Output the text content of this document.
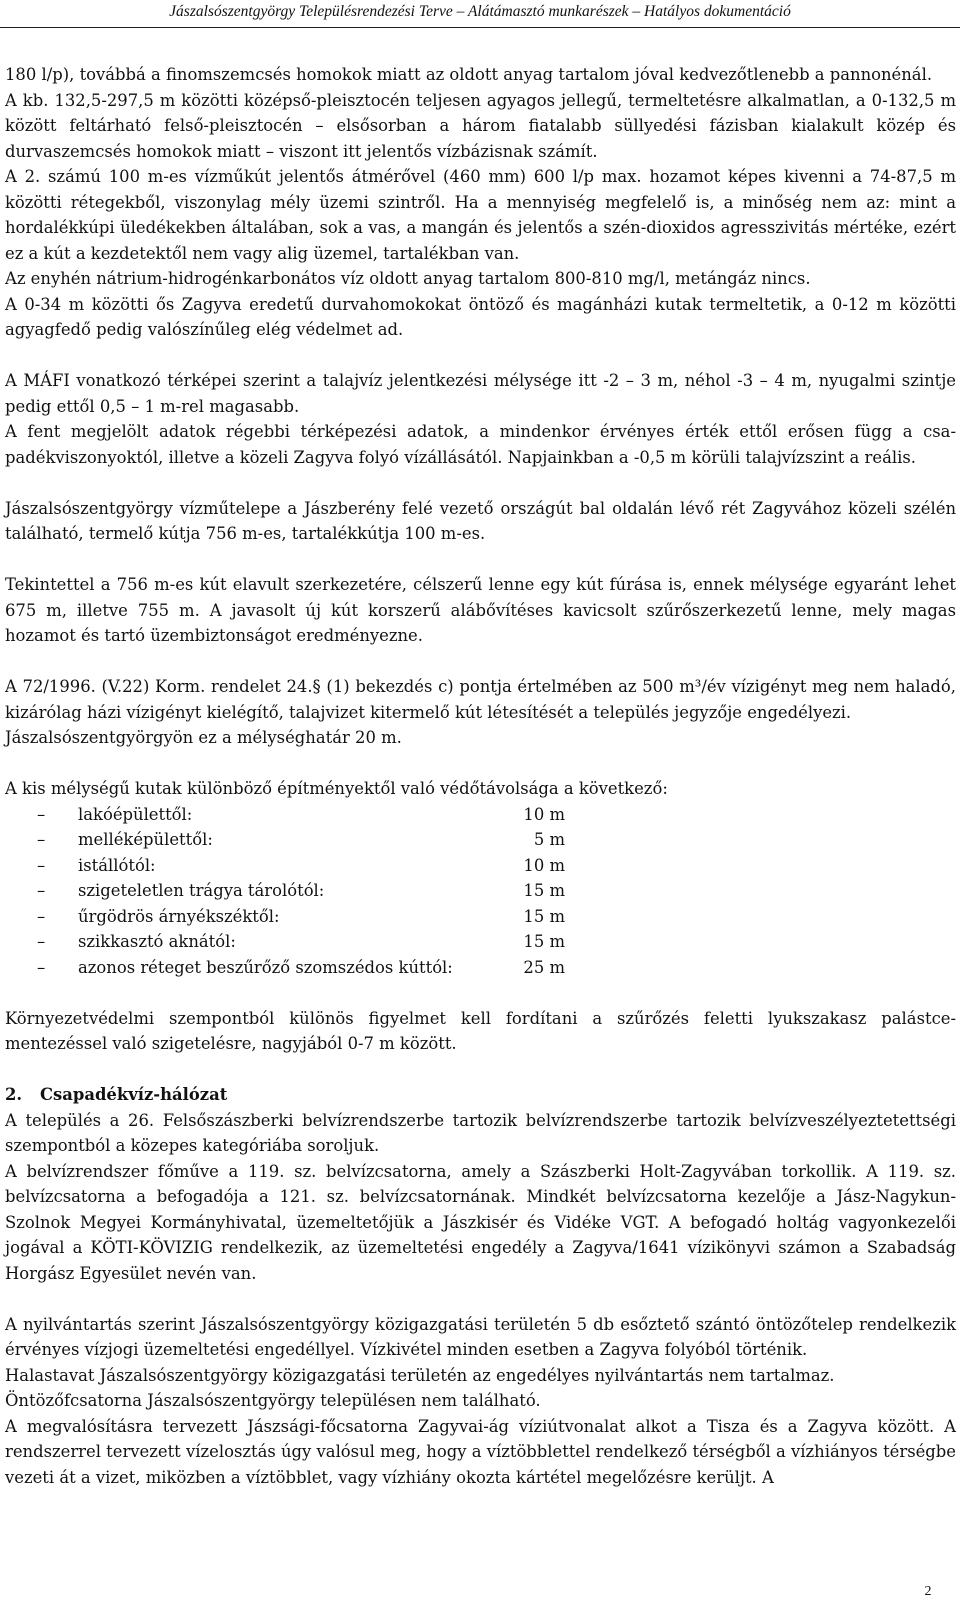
Jászalsószentgyörgy Településrendezési Terve – Alátámasztó munkarészek – Hatályos dokumentáció

180 l/p), továbbá a finomszemcsés homokok miatt az oldott anyag tartalom jóval kedvezőtlenebb a pannonénál.

A kb. 132,5-297,5 m közötti középső-pleisztocén teljesen agyagos jellegű, termeltetésre alkalmatlan, a 0-132,5 m között feltárható felső-pleisztocén – elsősorban a három fiatalabb süllyedési fázisban kialakult közép és durvaszemcsés homokok miatt – viszont itt jelentős vízbázisnak számít.

A 2. számú 100 m-es vízműkút jelentős átmérővel (460 mm) 600 l/p max. hozamot képes kivenni a 74-87,5 m közötti rétegekből, viszonylag mély üzemi szintről. Ha a mennyiség megfelelő is, a minőség nem az: mint a hordalékkúpi üledékekben általában, sok a vas, a mangán és jelentős a szén-dioxidos agresszivitás mértéke, ezért ez a kút a kezdetektől nem vagy alig üzemel, tartalékban van.

Az enyhén nátrium-hidrogénkarbonátos víz oldott anyag tartalom 800-810 mg/l, metángáz nincs.

A 0-34 m közötti ős Zagyva eredetű durvahomokokat öntöző és magánházi kutak termeltetik, a 0-12 m közötti agyagfedő pedig valószínűleg elég védelmet ad.

A MÁFI vonatkozó térképei szerint a talajvíz jelentkezési mélysége itt -2 – 3 m, néhol -3 – 4 m, nyugalmi szintje pedig ettől 0,5 – 1 m-rel magasabb.

A fent megjelölt adatok régebbi térképezési adatok, a mindenkor érvényes érték ettől erősen függ a csapadékviszonyoktól, illetve a közeli Zagyva folyó vízállásától. Napjainkban a -0,5 m körüli talajvízszint a reális.

Jászalsószentgyörgy vízműtelepe a Jászberény felé vezető országút bal oldalán lévő rét Zagyvához közeli szélén található, termelő kútja 756 m-es, tartalékkútja 100 m-es.

Tekintettel a 756 m-es kút elavult szerkezetére, célszerű lenne egy kút fúrása is, ennek mélysége egyaránt lehet 675 m, illetve 755 m. A javasolt új kút korszerű alábővítéses kavicsolt szűrőszerkezetű lenne, mely magas hozamot és tartó üzembiztonságot eredményezne.

A 72/1996. (V.22) Korm. rendelet 24.§ (1) bekezdés c) pontja értelmében az 500 m³/év vízigényt meg nem haladó, kizárólag házi vízigényt kielégítő, talajvizet kitermelő kút létesítését a település jegyzője engedélyezi.

Jászalsószentgyörgyön ez a mélységhatár 20 m.

A kis mélységű kutak különböző építményektől való védőtávolsága a következő:

–	lakóépülettől:	10 m
–	melléképülettől:	5 m
–	istállótól:	10 m
–	szigeteletlen trágya tárolótól:	15 m
–	űrgödrös árnyékszéktől:	15 m
–	szikkasztó aknától:	15 m
–	azonos réteget beszűrőző szomszédos kúttól:	25 m

Környezetvédelmi szempontból különös figyelmet kell fordítani a szűrőzés feletti lyukszakasz palástcementezéssel való szigetelésre, nagyjából 0-7 m között.

2. Csapadékvíz-hálózat

A település a 26. Felsőszászberki belvízrendszerbe tartozik belvízrendszerbe tartozik belvízveszélyeztetettségi szempontból a közepes kategóriába soroljuk.

A belvízrendszer főműve a 119. sz. belvízcsatorna, amely a Szászberki Holt-Zagyvában torkollik. A 119. sz. belvízcsatorna a befogadója a 121. sz. belvízcsatornának. Mindkét belvízcsatorna kezelője a Jász-Nagykun-Szolnok Megyei Kormányhivatal, üzemeltetőjük a Jászkisér és Vidéke VGT. A befogadó holtág vagyonkezelői jogával a KÖTI-KÖVIZIG rendelkezik, az üzemeltetési engedély a Zagyva/1641 vízikönyvi számon a Szabadság Horgász Egyesület nevén van.

A nyilvántartás szerint Jászalsószentgyörgy közigazgatási területén 5 db esőztető szántó öntözőtelep rendelkezik érvényes vízjogi üzemeltetési engedéllyel. Vízkivétel minden esetben a Zagyva folyóból történik.

Halastavat Jászalsószentgyörgy közigazgatási területén az engedélyes nyilvántartás nem tartalmaz.

Öntözőfcsatorna Jászalsószentgyörgy településen nem található.

A megvalósításra tervezett Jászsági-főcsatorna Zagyvai-ág víziútvonalat alkot a Tisza és a Zagyva között. A rendszerrel tervezett vízelosztás úgy valósul meg, hogy a víztöbblettel rendelkező térségből a vízhiányos térségbe vezeti át a vizet, miközben a víztöbblet, vagy vízhiány okozta kártétel megelőzésre kerüljt. A

2
